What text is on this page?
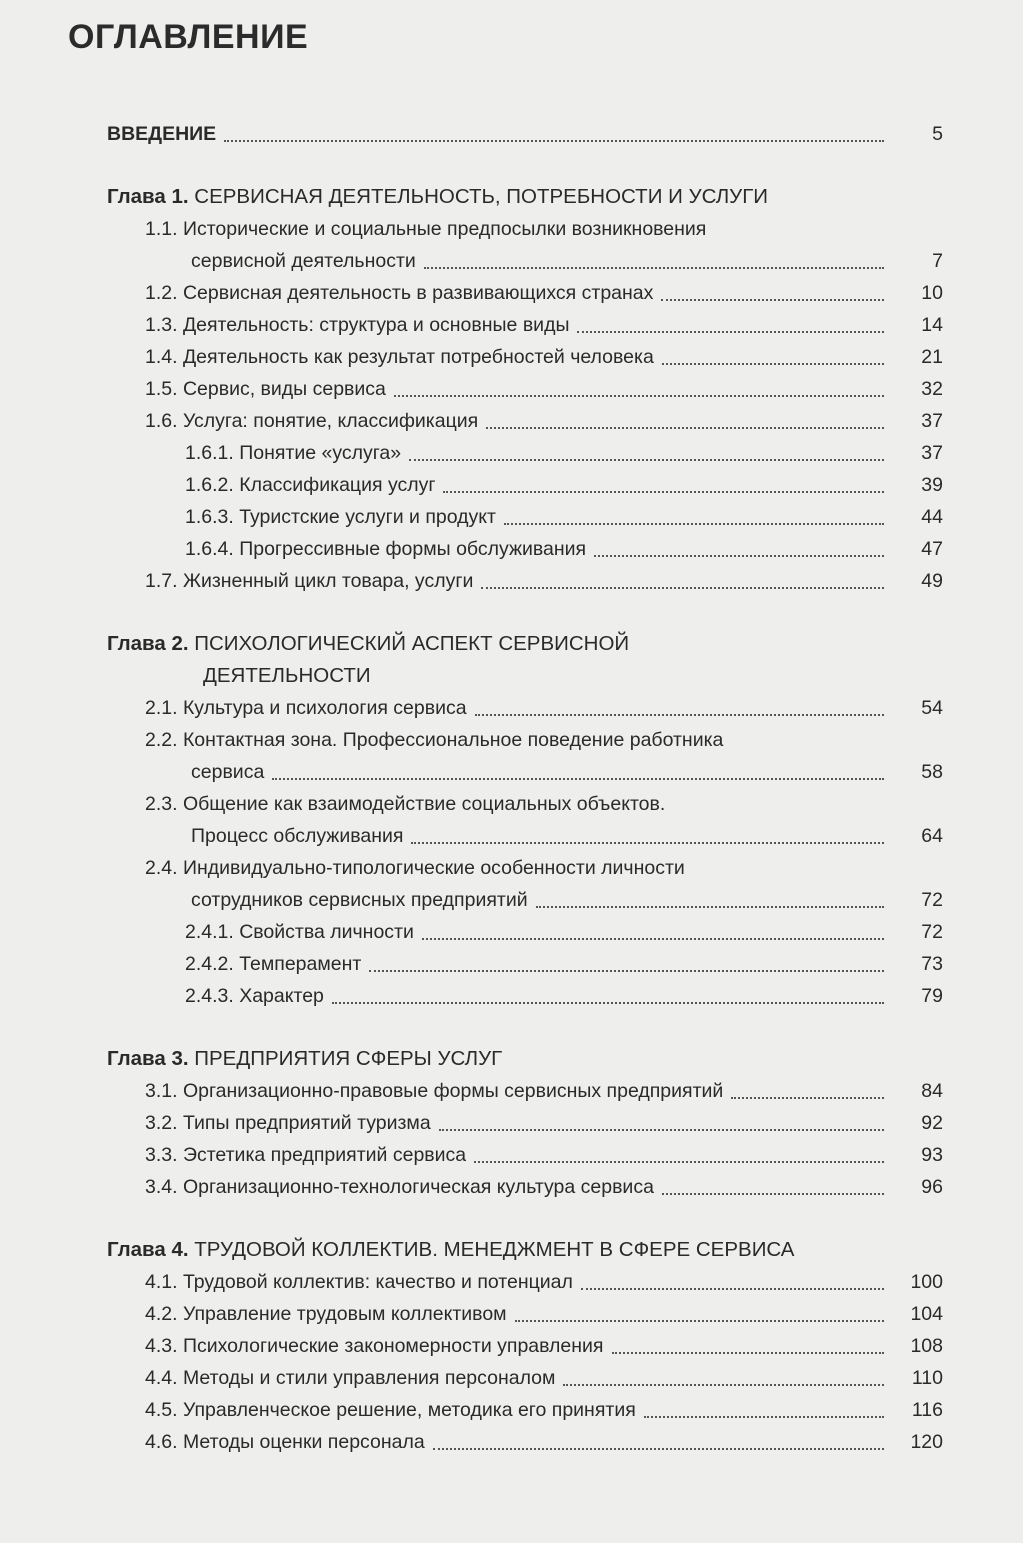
ОГЛАВЛЕНИЕ
ВВЕДЕНИЕ	5
Глава 1. СЕРВИСНАЯ ДЕЯТЕЛЬНОСТЬ, ПОТРЕБНОСТИ И УСЛУГИ
1.1. Исторические и социальные предпосылки возникновения
сервисной деятельности	7
1.2. Сервисная деятельность в развивающихся странах	10
1.3. Деятельность: структура и основные виды	14
1.4. Деятельность как результат потребностей человека	21
1.5. Сервис, виды сервиса	32
1.6. Услуга: понятие, классификация	37
1.6.1. Понятие «услуга»	37
1.6.2. Классификация услуг	39
1.6.3. Туристские услуги и продукт	44
1.6.4. Прогрессивные формы обслуживания	47
1.7. Жизненный цикл товара, услуги	49
Глава 2. ПСИХОЛОГИЧЕСКИЙ АСПЕКТ СЕРВИСНОЙ
ДЕЯТЕЛЬНОСТИ
2.1. Культура и психология сервиса	54
2.2. Контактная зона. Профессиональное поведение работника
сервиса	58
2.3. Общение как взаимодействие социальных объектов.
Процесс обслуживания	64
2.4. Индивидуально-типологические особенности личности
сотрудников сервисных предприятий	72
2.4.1. Свойства личности	72
2.4.2. Темперамент	73
2.4.3. Характер	79
Глава 3. ПРЕДПРИЯТИЯ СФЕРЫ УСЛУГ
3.1. Организационно-правовые формы сервисных предприятий	84
3.2. Типы предприятий туризма	92
3.3. Эстетика предприятий сервиса	93
3.4. Организационно-технологическая культура сервиса	96
Глава 4. ТРУДОВОЙ КОЛЛЕКТИВ. МЕНЕДЖМЕНТ В СФЕРЕ СЕРВИСА
4.1. Трудовой коллектив: качество и потенциал	100
4.2. Управление трудовым коллективом	104
4.3. Психологические закономерности управления	108
4.4. Методы и стили управления персоналом	110
4.5. Управленческое решение, методика его принятия	116
4.6. Методы оценки персонала	120
